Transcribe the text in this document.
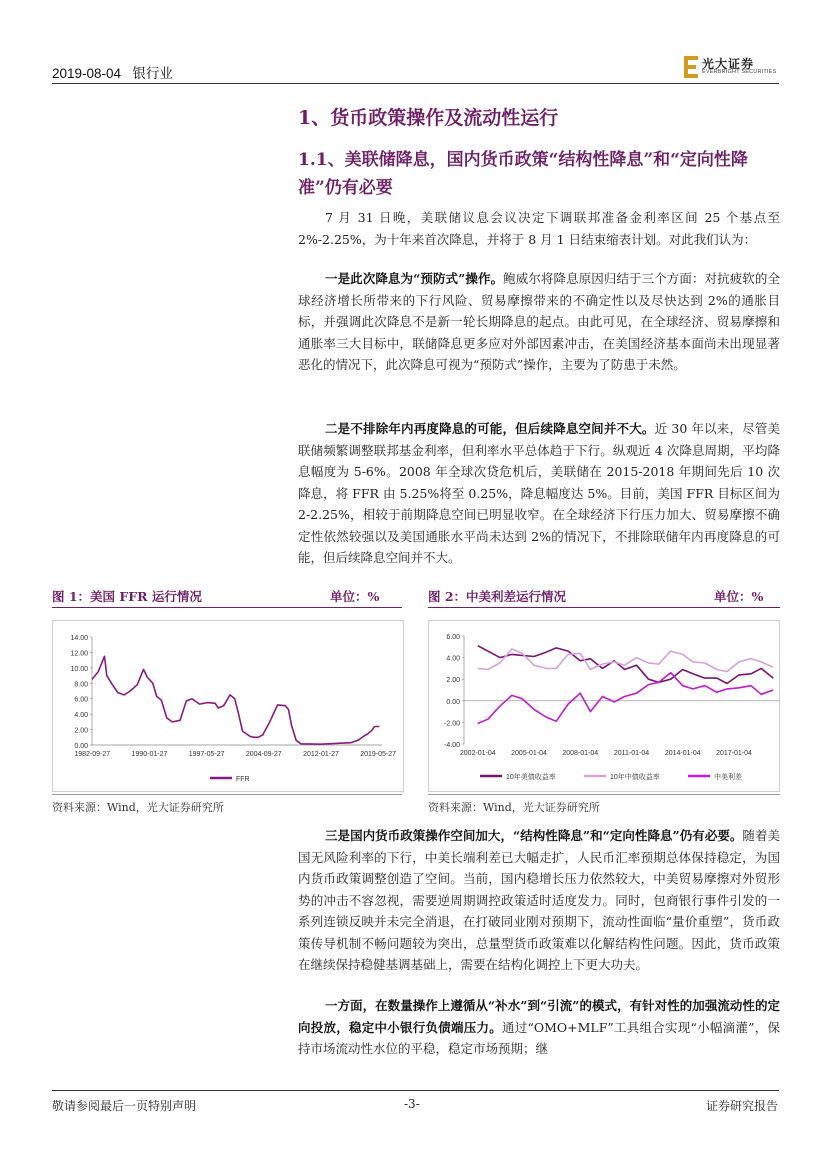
2019-08-04 银行业
光大证券
EVERBRIGHT SECURITIES
1、货币政策操作及流动性运行
1.1、美联储降息，国内货币政策“结构性降息”和“定向性降准”仍有必要
7 月 31 日晚，美联储议息会议决定下调联邦准备金利率区间 25 个基点至 2%-2.25%，为十年来首次降息，并将于 8 月 1 日结束缩表计划。对此我们认为：
一是此次降息为“预防式”操作。鲍威尔将降息原因归结于三个方面：对抗疲软的全球经济增长所带来的下行风险、贸易摩擦带来的不确定性以及尽快达到 2%的通胀目标，并强调此次降息不是新一轮长期降息的起点。由此可见，在全球经济、贸易摩擦和通胀率三大目标中，联储降息更多应对外部因素冲击，在美国经济基本面尚未出现显著恶化的情况下，此次降息可视为“预防式”操作，主要为了防患于未然。
二是不排除年内再度降息的可能，但后续降息空间并不大。近 30 年以来，尽管美联储频繁调整联邦基金利率，但利率水平总体趋于下行。纵观近 4 次降息周期，平均降息幅度为 5-6%。2008 年全球次贷危机后，美联储在 2015-2018 年期间先后 10 次降息，将 FFR 由 5.25%将至 0.25%，降息幅度达 5%。目前，美国 FFR 目标区间为 2-2.25%，相较于前期降息空间已明显收窄。在全球经济下行压力加大、贸易摩擦不确定性依然较强以及美国通胀水平尚未达到 2%的情况下，不排除联储年内再度降息的可能，但后续降息空间并不大。
图 1：美国 FFR 运行情况	单位：%
14.00
12.00
10.00
8.00
6.00
4.00
2.00
0.00
1982-09-27	1990-01-27	1997-05-27	2004-09-27	2012-01-27	2019-05-27
FFR
资料来源：Wind，光大证券研究所
图 2：中美利差运行情况	单位：%
6.00
4.00
2.00
0.00
-2.00
-4.00
2002-01-04 2005-01-04 2008-01-04 2011-01-04 2014-01-04 2017-01-04
10年美债收益率	10年中债收益率	中美利差
资料来源：Wind，光大证券研究所
三是国内货币政策操作空间加大，“结构性降息”和“定向性降息”仍有必要。随着美国无风险利率的下行，中美长端利差已大幅走扩，人民币汇率预期总体保持稳定，为国内货币政策调整创造了空间。当前，国内稳增长压力依然较大，中美贸易摩擦对外贸形势的冲击不容忽视，需要逆周期调控政策适时适度发力。同时，包商银行事件引发的一系列连锁反映并未完全消退，在打破同业刚对预期下，流动性面临“量价重塑”，货币政策传导机制不畅问题较为突出，总量型货币政策难以化解结构性问题。因此，货币政策在继续保持稳健基调基础上，需要在结构化调控上下更大功夫。
一方面，在数量操作上遵循从“补水”到“引流”的模式，有针对性的加强流动性的定向投放，稳定中小银行负债端压力。通过“OMO+MLF”工具组合实现“小幅滴灌”，保持市场流动性水位的平稳，稳定市场预期；继
敬请参阅最后一页特别声明	-3-	证券研究报告
